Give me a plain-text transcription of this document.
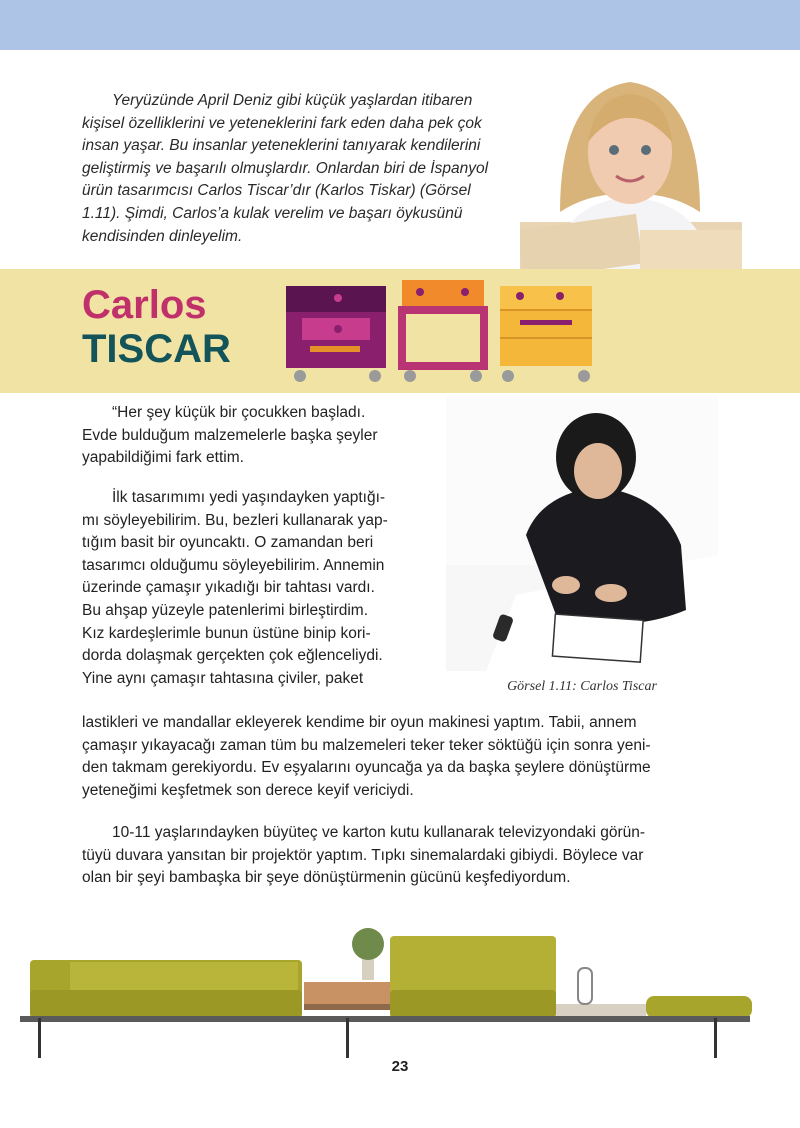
Yeryüzünde April Deniz gibi küçük yaşlardan itibaren
kişisel özelliklerini ve yeteneklerini fark eden daha pek çok
insan yaşar. Bu insanlar yeteneklerini tanıyarak kendilerini
geliştirmiş ve başarılı olmuşlardır. Onlardan biri de İspanyol
ürün tasarımcısı Carlos Tiscar’dır (Karlos Tiskar) (Görsel
1.11). Şimdi, Carlos’a kulak verelim ve başarı öykusünü
kendisinden dinleyelim.

Carlos
TISCAR
Görsel 1.11: Carlos Tiscar

“Her şey küçük bir çocukken başladı.
Evde bulduğum malzemelerle başka şeyler
yapabildiğimi fark ettim.

İlk tasarımımı yedi yaşındayken yaptığı-
mı söyleyebilirim. Bu, bezleri kullanarak yap-
tığım basit bir oyuncaktı. O zamandan beri
tasarımcı olduğumu söyleyebilirim. Annemin
üzerinde çamaşır yıkadığı bir tahtası vardı.
Bu ahşap yüzeyle patenlerimi birleştirdim.
Kız kardeşlerimle bunun üstüne binip kori-
dorda dolaşmak gerçekten çok eğlenceliydi.
Yine aynı çamaşır tahtasına çiviler, paket

lastikleri ve mandallar ekleyerek kendime bir oyun makinesi yaptım. Tabii, annem
çamaşır yıkayacağı zaman tüm bu malzemeleri teker teker söktüğü için sonra yeni-
den takmam gerekiyordu. Ev eşyalarını oyuncağa ya da başka şeylere dönüştürme
yeteneğimi keşfetmek son derece keyif vericiydi.

10-11 yaşlarındayken büyüteç ve karton kutu kullanarak televizyondaki görün-
tüyü duvara yansıtan bir projektör yaptım. Tıpkı sinemalardaki gibiydi. Böylece var
olan bir şeyi bambaşka bir şeye dönüştürmenin gücünü keşfediyordum.

23
